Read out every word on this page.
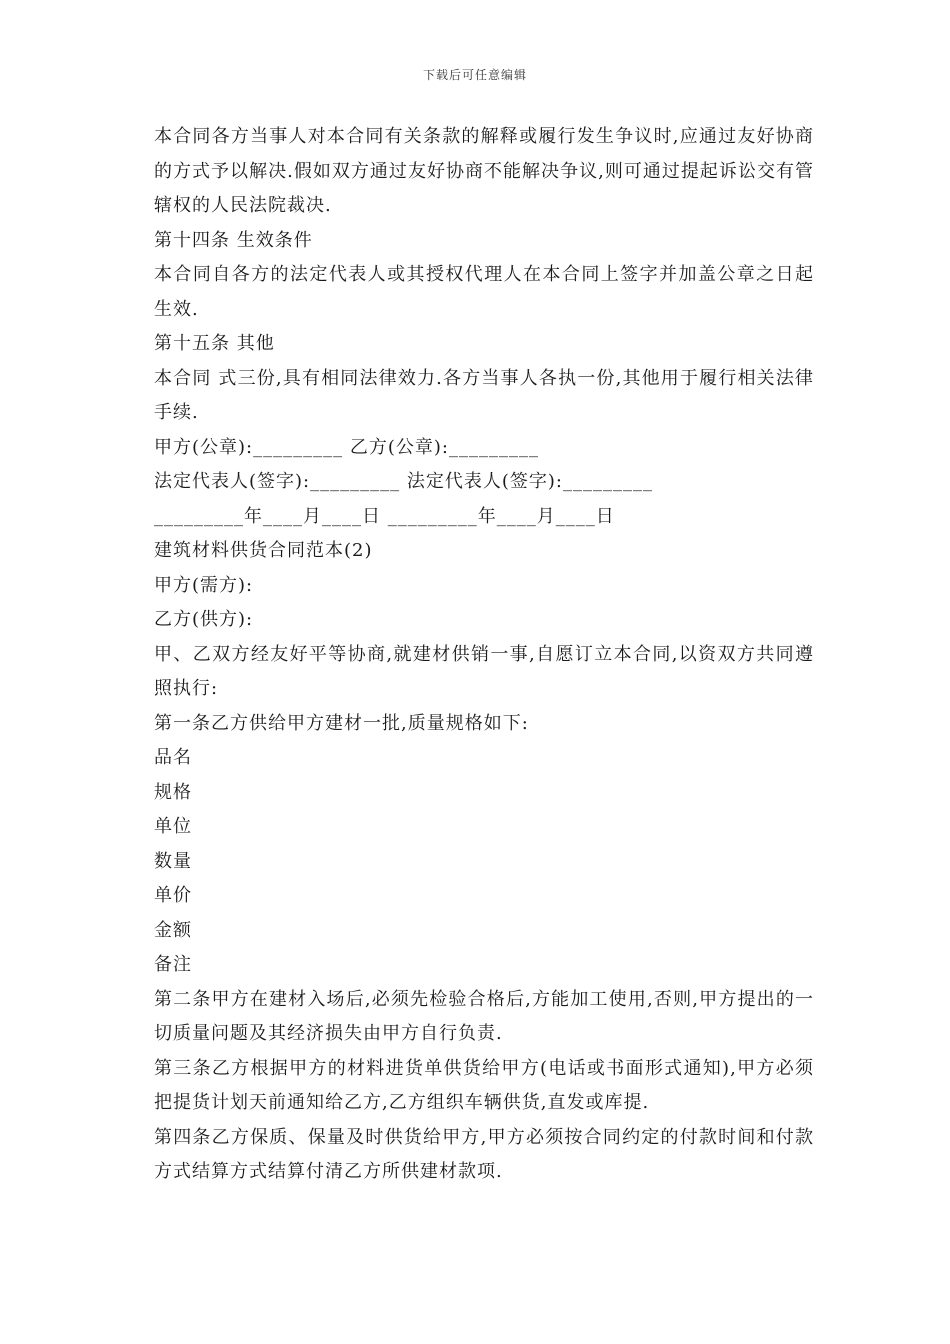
下载后可任意编辑

本合同各方当事人对本合同有关条款的解释或履行发生争议时,应通过友好协商的方式予以解决.假如双方通过友好协商不能解决争议,则可通过提起诉讼交有管辖权的人民法院裁决.

第十四条 生效条件

本合同自各方的法定代表人或其授权代理人在本合同上签字并加盖公章之日起生效.

第十五条 其他

本合同 式三份,具有相同法律效力.各方当事人各执一份,其他用于履行相关法律手续.

甲方(公章):_________ 乙方(公章):_________

法定代表人(签字):_________ 法定代表人(签字):_________

_________年____月____日 _________年____月____日

建筑材料供货合同范本(2)

甲方(需方):

乙方(供方):

甲、乙双方经友好平等协商,就建材供销一事,自愿订立本合同,以资双方共同遵照执行:

第一条乙方供给甲方建材一批,质量规格如下:

品名

规格

单位

数量

单价

金额

备注

第二条甲方在建材入场后,必须先检验合格后,方能加工使用,否则,甲方提出的一切质量问题及其经济损失由甲方自行负责.

第三条乙方根据甲方的材料进货单供货给甲方(电话或书面形式通知),甲方必须把提货计划天前通知给乙方,乙方组织车辆供货,直发或库提.

第四条乙方保质、保量及时供货给甲方,甲方必须按合同约定的付款时间和付款方式结算方式结算付清乙方所供建材款项.
